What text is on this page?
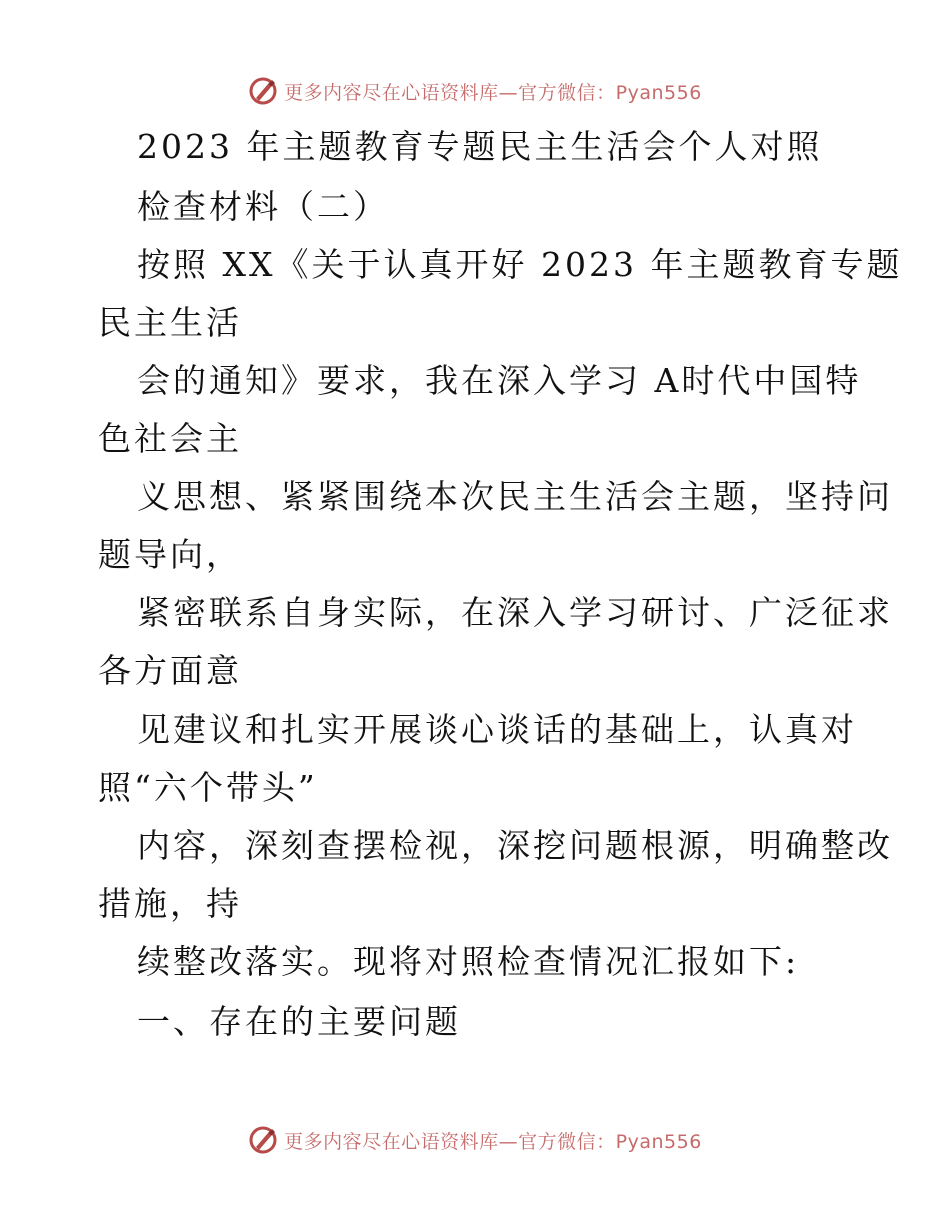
更多内容尽在心语资料库—官方微信：Pyan556
2023 年主题教育专题民主生活会个人对照
检查材料（二）
按照 XX《关于认真开好 2023 年主题教育专题
民主生活
会的通知》要求，我在深入学习 A时代中国特
色社会主
义思想、紧紧围绕本次民主生活会主题，坚持问
题导向，
紧密联系自身实际，在深入学习研讨、广泛征求
各方面意
见建议和扎实开展谈心谈话的基础上，认真对
照“六个带头”
内容，深刻查摆检视，深挖问题根源，明确整改
措施，持
续整改落实。现将对照检查情况汇报如下:
一、存在的主要问题
更多内容尽在心语资料库—官方微信：Pyan556
